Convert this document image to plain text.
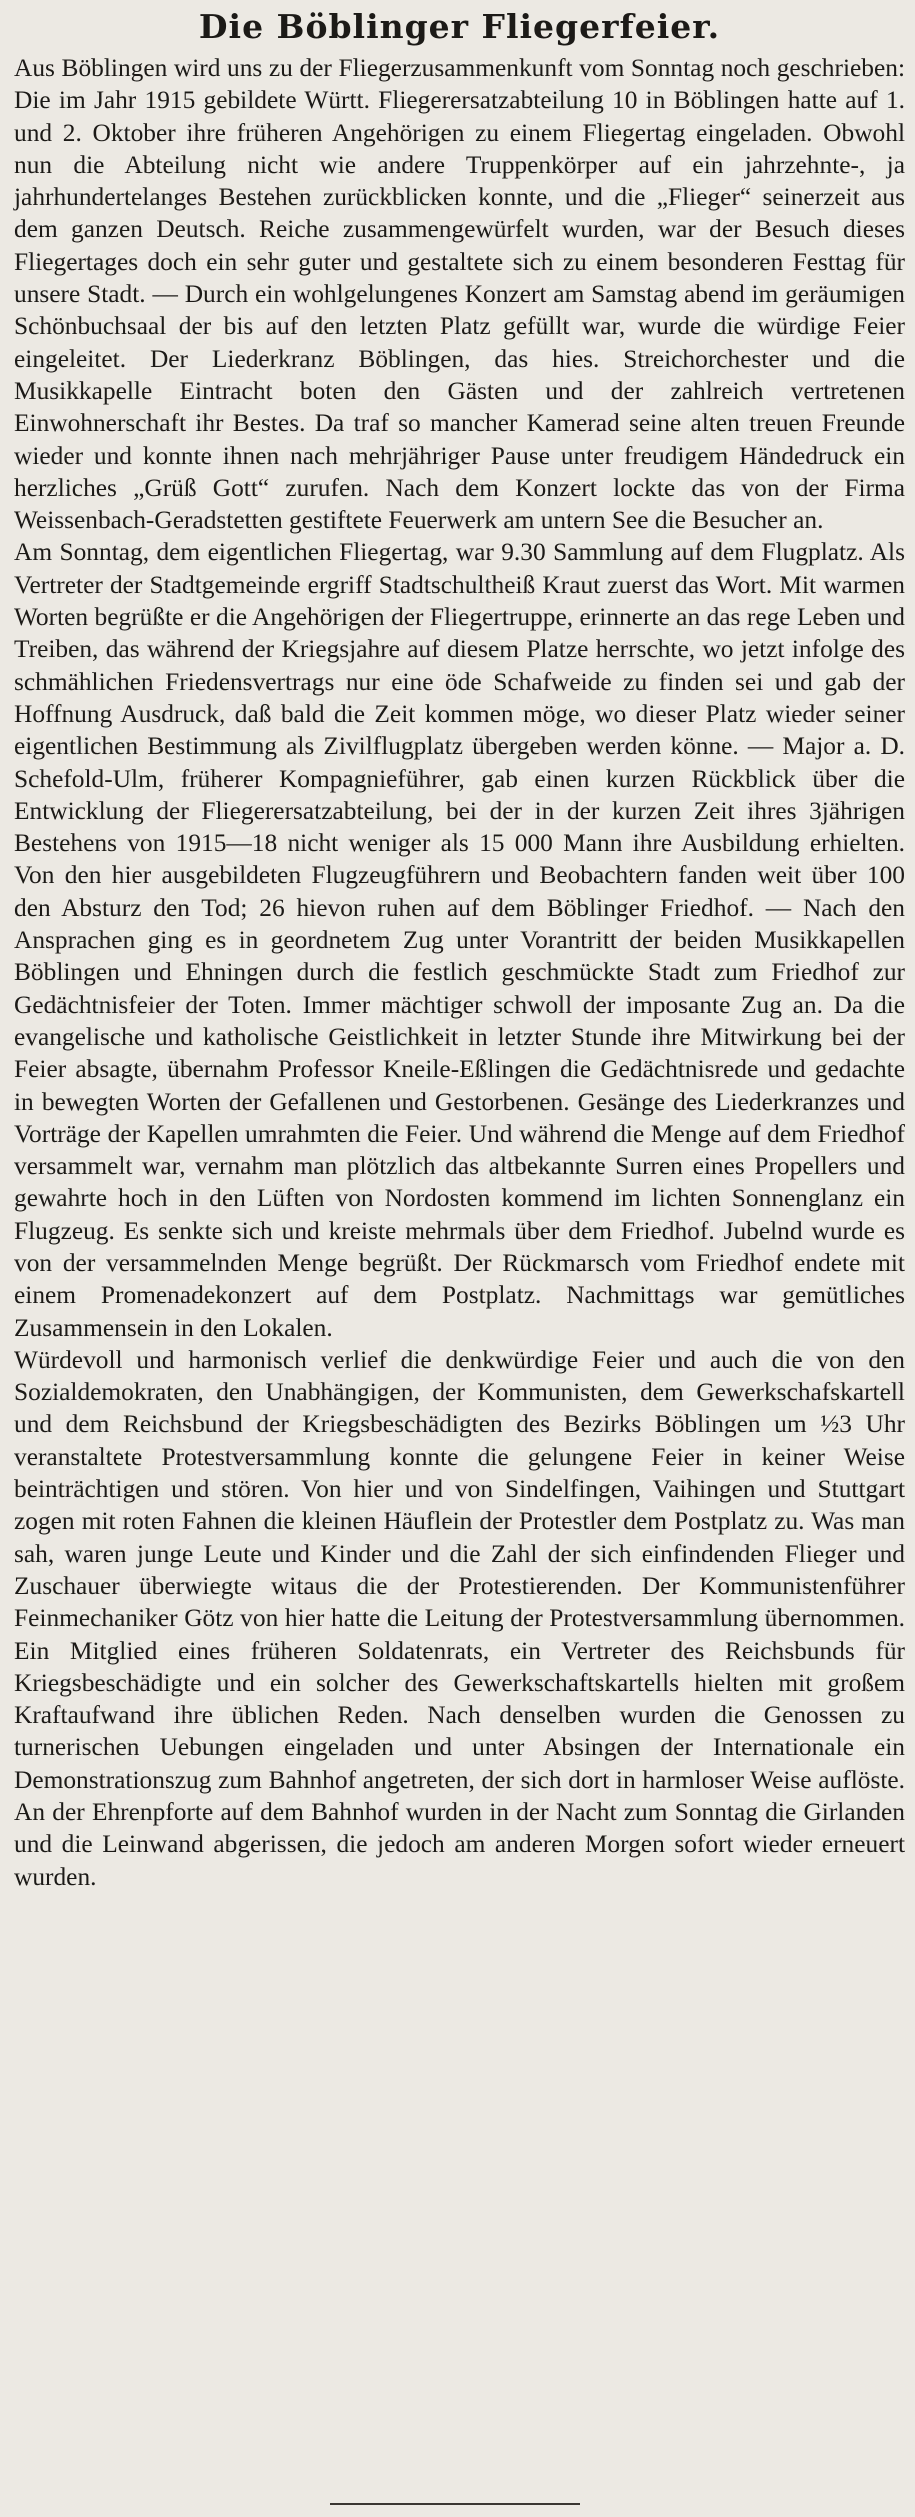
Die Böblinger Fliegerfeier.

Aus Böblingen wird uns zu der Fliegerzusammenkunft vom Sonntag noch geschrieben: Die im Jahr 1915 gebildete Württ. Fliegerersatzabteilung 10 in Böblingen hatte auf 1. und 2. Oktober ihre früheren Angehörigen zu einem Fliegertag eingeladen. Obwohl nun die Abteilung nicht wie andere Truppenkörper auf ein jahrzehnte-, ja jahrhundertelanges Bestehen zurückblicken konnte, und die „Flieger“ seinerzeit aus dem ganzen Deutsch. Reiche zusammengewürfelt wurden, war der Besuch dieses Fliegertages doch ein sehr guter und gestaltete sich zu einem besonderen Festtag für unsere Stadt. — Durch ein wohlgelungenes Konzert am Samstag abend im geräumigen Schönbuchsaal der bis auf den letzten Platz gefüllt war, wurde die würdige Feier eingeleitet. Der Liederkranz Böblingen, das hies. Streichorchester und die Musikkapelle Eintracht boten den Gästen und der zahlreich vertretenen Einwohnerschaft ihr Bestes. Da traf so mancher Kamerad seine alten treuen Freunde wieder und konnte ihnen nach mehrjähriger Pause unter freudigem Händedruck ein herzliches „Grüß Gott“ zurufen. Nach dem Konzert lockte das von der Firma Weissenbach-Geradstetten gestiftete Feuerwerk am untern See die Besucher an.

Am Sonntag, dem eigentlichen Fliegertag, war 9.30 Sammlung auf dem Flugplatz. Als Vertreter der Stadtgemeinde ergriff Stadtschultheiß Kraut zuerst das Wort. Mit warmen Worten begrüßte er die Angehörigen der Fliegertruppe, erinnerte an das rege Leben und Treiben, das während der Kriegsjahre auf diesem Platze herrschte, wo jetzt infolge des schmählichen Friedensvertrags nur eine öde Schafweide zu finden sei und gab der Hoffnung Ausdruck, daß bald die Zeit kommen möge, wo dieser Platz wieder seiner eigentlichen Bestimmung als Zivilflugplatz übergeben werden könne. — Major a. D. Schefold-Ulm, früherer Kompagnieführer, gab einen kurzen Rückblick über die Entwicklung der Fliegerersatzabteilung, bei der in der kurzen Zeit ihres 3jährigen Bestehens von 1915—18 nicht weniger als 15 000 Mann ihre Ausbildung erhielten. Von den hier ausgebildeten Flugzeugführern und Beobachtern fanden weit über 100 den Absturz den Tod; 26 hievon ruhen auf dem Böblinger Friedhof. — Nach den Ansprachen ging es in geordnetem Zug unter Vorantritt der beiden Musikkapellen Böblingen und Ehningen durch die festlich geschmückte Stadt zum Friedhof zur Gedächtnisfeier der Toten. Immer mächtiger schwoll der imposante Zug an. Da die evangelische und katholische Geistlichkeit in letzter Stunde ihre Mitwirkung bei der Feier absagte, übernahm Professor Kneile-Eßlingen die Gedächtnisrede und gedachte in bewegten Worten der Gefallenen und Gestorbenen. Gesänge des Liederkranzes und Vorträge der Kapellen umrahmten die Feier. Und während die Menge auf dem Friedhof versammelt war, vernahm man plötzlich das altbekannte Surren eines Propellers und gewahrte hoch in den Lüften von Nordosten kommend im lichten Sonnenglanz ein Flugzeug. Es senkte sich und kreiste mehrmals über dem Friedhof. Jubelnd wurde es von der versammelnden Menge begrüßt. Der Rückmarsch vom Friedhof endete mit einem Promenadekonzert auf dem Postplatz. Nachmittags war gemütliches Zusammensein in den Lokalen.

Würdevoll und harmonisch verlief die denkwürdige Feier und auch die von den Sozialdemokraten, den Unabhängigen, der Kommunisten, dem Gewerkschafskartell und dem Reichsbund der Kriegsbeschädigten des Bezirks Böblingen um ½3 Uhr veranstaltete Protestversammlung konnte die gelungene Feier in keiner Weise beinträchtigen und stören. Von hier und von Sindelfingen, Vaihingen und Stuttgart zogen mit roten Fahnen die kleinen Häuflein der Protestler dem Postplatz zu. Was man sah, waren junge Leute und Kinder und die Zahl der sich einfindenden Flieger und Zuschauer überwiegte witaus die der Protestierenden. Der Kommunistenführer Feinmechaniker Götz von hier hatte die Leitung der Protestversammlung übernommen. Ein Mitglied eines früheren Soldatenrats, ein Vertreter des Reichsbunds für Kriegsbeschädigte und ein solcher des Gewerkschaftskartells hielten mit großem Kraftaufwand ihre üblichen Reden. Nach denselben wurden die Genossen zu turnerischen Uebungen eingeladen und unter Absingen der Internationale ein Demonstrationszug zum Bahnhof angetreten, der sich dort in harmloser Weise auflöste. An der Ehrenpforte auf dem Bahnhof wurden in der Nacht zum Sonntag die Girlanden und die Leinwand abgerissen, die jedoch am anderen Morgen sofort wieder erneuert wurden.
